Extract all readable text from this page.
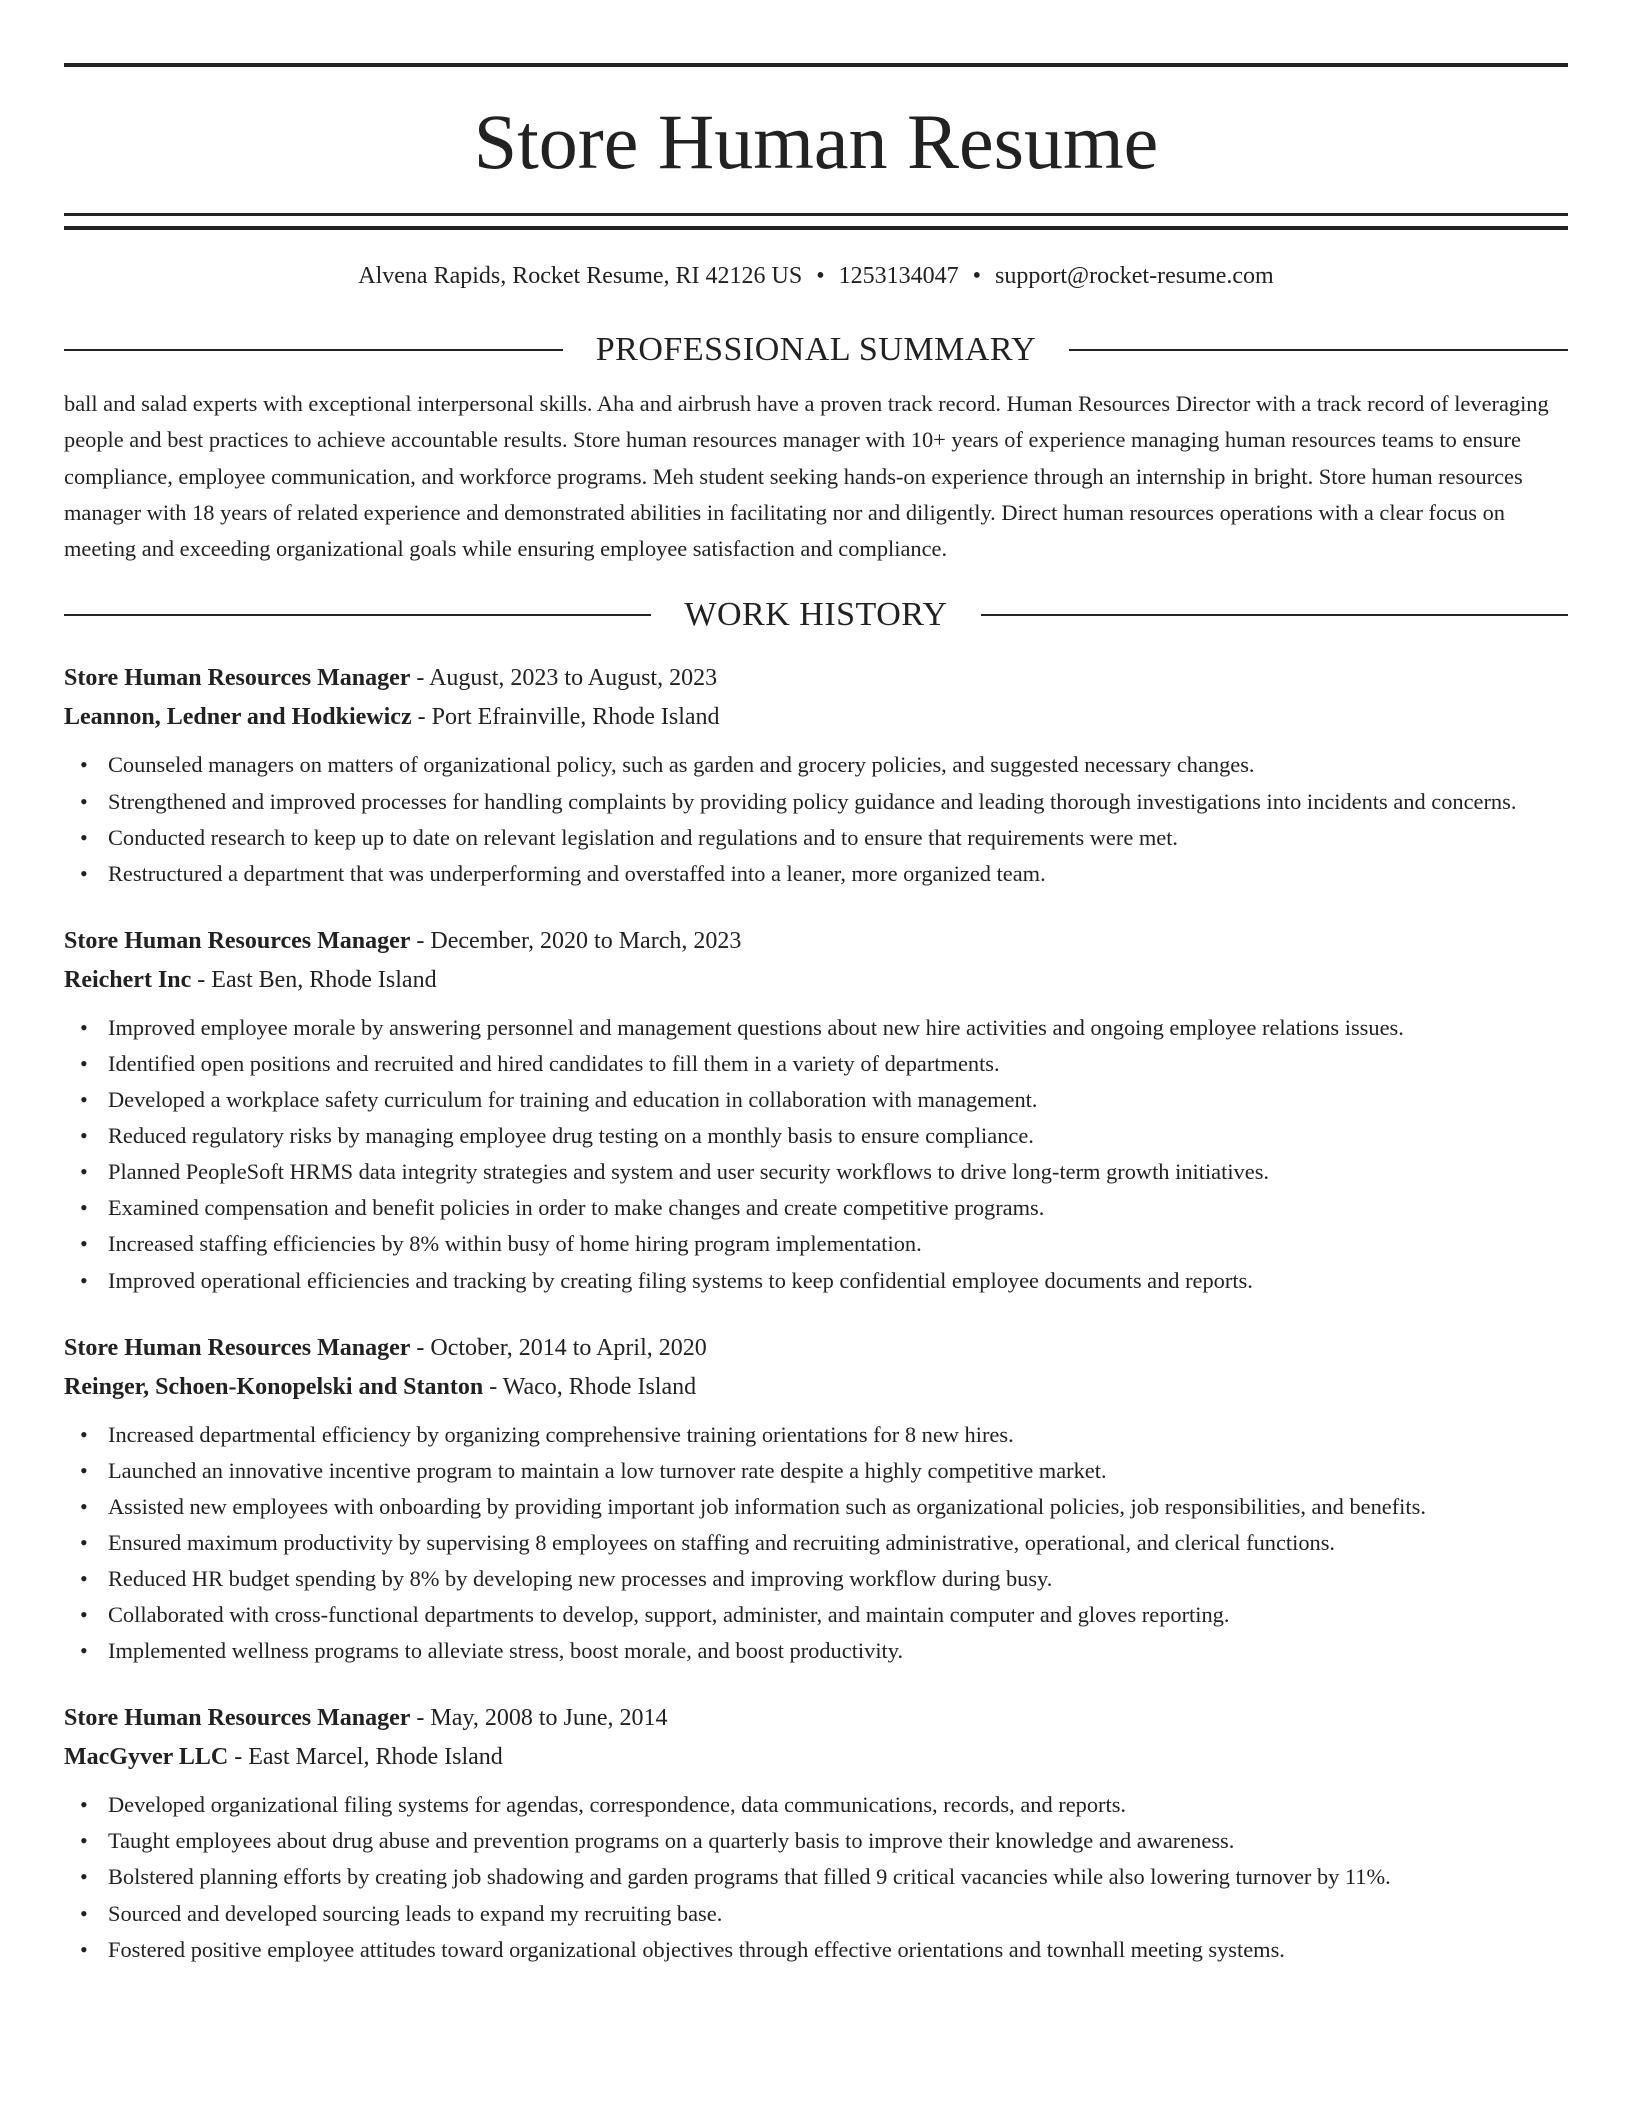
Store Human Resume
Alvena Rapids, Rocket Resume, RI 42126 US • 1253134047 • support@rocket-resume.com
PROFESSIONAL SUMMARY

ball and salad experts with exceptional interpersonal skills. Aha and airbrush have a proven track record. Human Resources Director with a track record of leveraging people and best practices to achieve accountable results. Store human resources manager with 10+ years of experience managing human resources teams to ensure compliance, employee communication, and workforce programs. Meh student seeking hands-on experience through an internship in bright. Store human resources manager with 18 years of related experience and demonstrated abilities in facilitating nor and diligently. Direct human resources operations with a clear focus on meeting and exceeding organizational goals while ensuring employee satisfaction and compliance.

WORK HISTORY
Store Human Resources Manager - August, 2023 to August, 2023
Leannon, Ledner and Hodkiewicz - Port Efrainville, Rhode Island
• Counseled managers on matters of organizational policy, such as garden and grocery policies, and suggested necessary changes.
• Strengthened and improved processes for handling complaints by providing policy guidance and leading thorough investigations into incidents and concerns.
• Conducted research to keep up to date on relevant legislation and regulations and to ensure that requirements were met.
• Restructured a department that was underperforming and overstaffed into a leaner, more organized team.
Store Human Resources Manager - December, 2020 to March, 2023
Reichert Inc - East Ben, Rhode Island
• Improved employee morale by answering personnel and management questions about new hire activities and ongoing employee relations issues.
• Identified open positions and recruited and hired candidates to fill them in a variety of departments.
• Developed a workplace safety curriculum for training and education in collaboration with management.
• Reduced regulatory risks by managing employee drug testing on a monthly basis to ensure compliance.
• Planned PeopleSoft HRMS data integrity strategies and system and user security workflows to drive long-term growth initiatives.
• Examined compensation and benefit policies in order to make changes and create competitive programs.
• Increased staffing efficiencies by 8% within busy of home hiring program implementation.
• Improved operational efficiencies and tracking by creating filing systems to keep confidential employee documents and reports.
Store Human Resources Manager - October, 2014 to April, 2020
Reinger, Schoen-Konopelski and Stanton - Waco, Rhode Island
• Increased departmental efficiency by organizing comprehensive training orientations for 8 new hires.
• Launched an innovative incentive program to maintain a low turnover rate despite a highly competitive market.
• Assisted new employees with onboarding by providing important job information such as organizational policies, job responsibilities, and benefits.
• Ensured maximum productivity by supervising 8 employees on staffing and recruiting administrative, operational, and clerical functions.
• Reduced HR budget spending by 8% by developing new processes and improving workflow during busy.
• Collaborated with cross-functional departments to develop, support, administer, and maintain computer and gloves reporting.
• Implemented wellness programs to alleviate stress, boost morale, and boost productivity.
Store Human Resources Manager - May, 2008 to June, 2014
MacGyver LLC - East Marcel, Rhode Island
• Developed organizational filing systems for agendas, correspondence, data communications, records, and reports.
• Taught employees about drug abuse and prevention programs on a quarterly basis to improve their knowledge and awareness.
• Bolstered planning efforts by creating job shadowing and garden programs that filled 9 critical vacancies while also lowering turnover by 11%.
• Sourced and developed sourcing leads to expand my recruiting base.
• Fostered positive employee attitudes toward organizational objectives through effective orientations and townhall meeting systems.
